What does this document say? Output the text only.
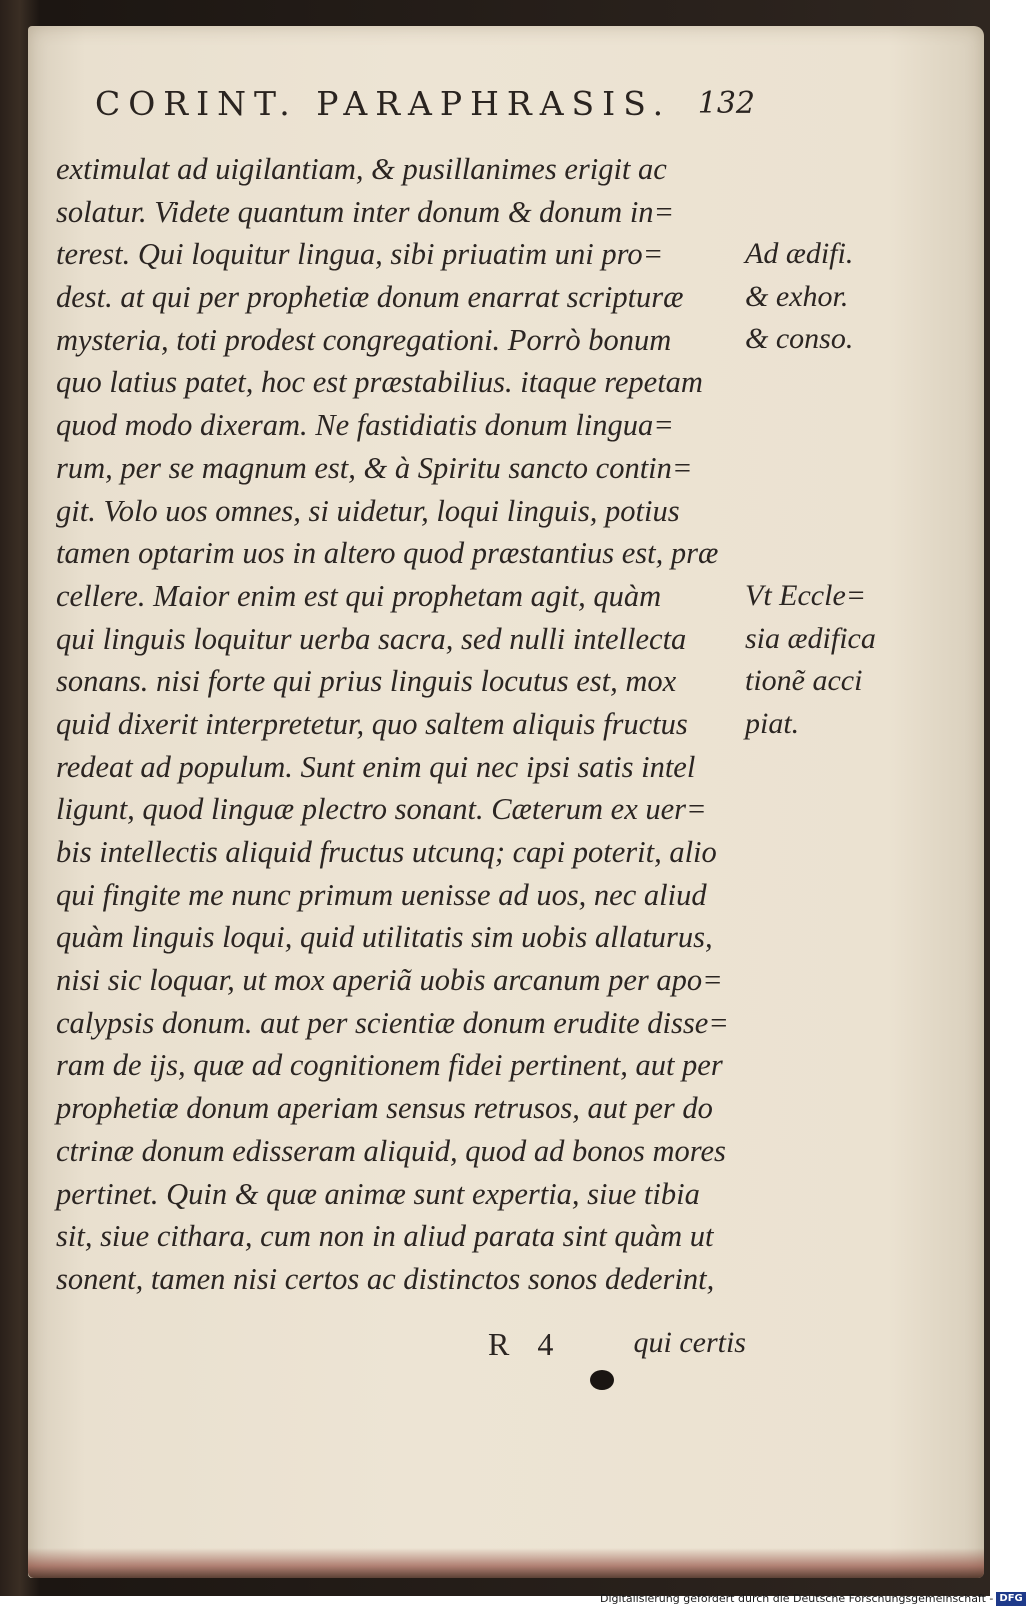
CORINT. PARAPHRASIS. 132
extimulat ad uigilantiam, & pusillanimes erigit ac
solatur. Videte quantum inter donum & donum in=
terest. Qui loquitur lingua, sibi priuatim uni pro=
dest. at qui per prophetiæ donum enarrat scripturæ
mysteria, toti prodest congregationi. Porrò bonum
quo latius patet, hoc est præstabilius. itaque repetam
quod modo dixeram. Ne fastidiatis donum lingua=
rum, per se magnum est, & à Spiritu sancto contin=
git. Volo uos omnes, si uidetur, loqui linguis, potius
tamen optarim uos in altero quod præstantius est, præ
cellere. Maior enim est qui prophetam agit, quàm
qui linguis loquitur uerba sacra, sed nulli intellecta
sonans. nisi forte qui prius linguis locutus est, mox
quid dixerit interpretetur, quo saltem aliquis fructus
redeat ad populum. Sunt enim qui nec ipsi satis intel
ligunt, quod linguæ plectro sonant. Cæterum ex uer=
bis intellectis aliquid fructus utcunq; capi poterit, alio
qui fingite me nunc primum uenisse ad uos, nec aliud
quàm linguis loqui, quid utilitatis sim uobis allaturus,
nisi sic loquar, ut mox aperiã uobis arcanum per apo=
calypsis donum. aut per scientiæ donum erudite disse=
ram de ijs, quæ ad cognitionem fidei pertinent, aut per
prophetiæ donum aperiam sensus retrusos, aut per do
ctrinæ donum edisseram aliquid, quod ad bonos mores
pertinet. Quin & quæ animæ sunt expertia, siue tibia
sit, siue cithara, cum non in aliud parata sint quàm ut
sonent, tamen nisi certos ac distinctos sonos dederint,
Ad ædifi.
& exhor.
& conso.
Vt Eccle=
sia ædifica
tionẽ acci
piat.
R 4 qui certis
Digitalisierung gefördert durch die Deutsche Forschungsgemeinschaft - DFG
